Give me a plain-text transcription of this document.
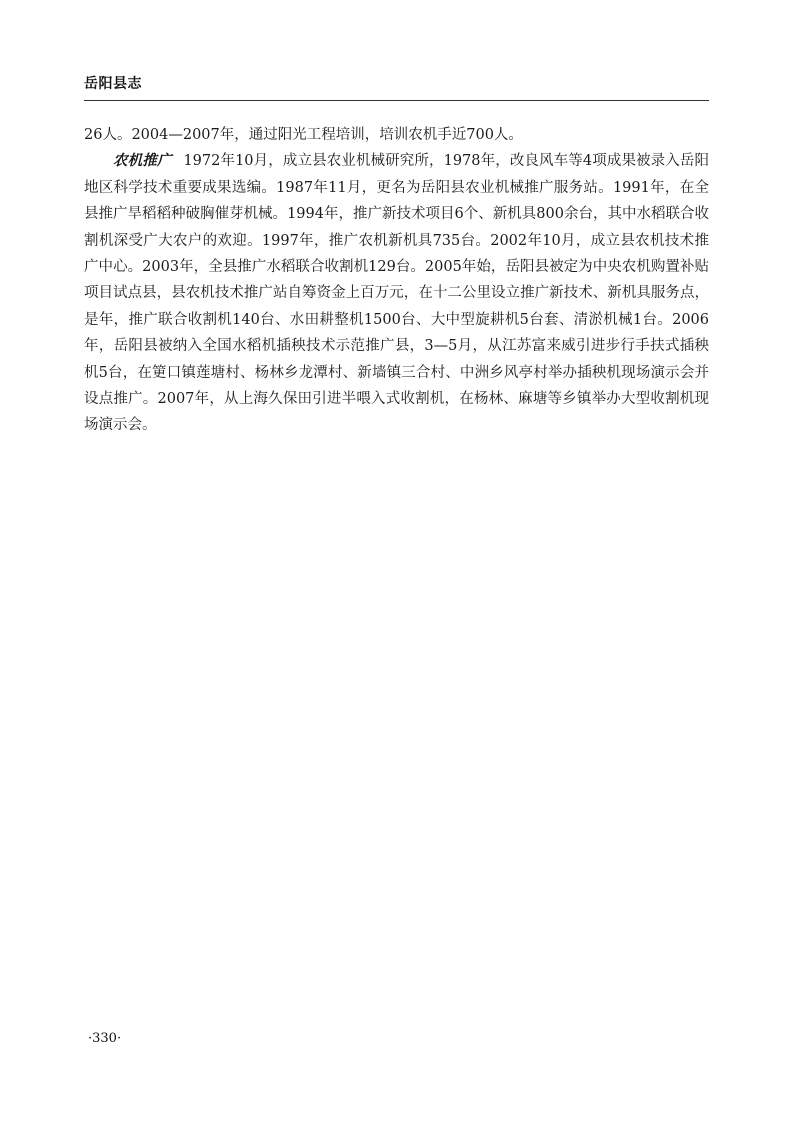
岳阳县志

26人。2004—2007年，通过阳光工程培训，培训农机手近700人。

农机推广 1972年10月，成立县农业机械研究所，1978年，改良风车等4项成果被录入岳阳地区科学技术重要成果选编。1987年11月，更名为岳阳县农业机械推广服务站。1991年，在全县推广旱稻稻种破胸催芽机械。1994年，推广新技术项目6个、新机具800余台，其中水稻联合收割机深受广大农户的欢迎。1997年，推广农机新机具735台。2002年10月，成立县农机技术推广中心。2003年，全县推广水稻联合收割机129台。2005年始，岳阳县被定为中央农机购置补贴项目试点县，县农机技术推广站自筹资金上百万元，在十二公里设立推广新技术、新机具服务点，是年，推广联合收割机140台、水田耕整机1500台、大中型旋耕机5台套、清淤机械1台。2006年，岳阳县被纳入全国水稻机插秧技术示范推广县，3—5月，从江苏富来威引进步行手扶式插秧机5台，在筻口镇莲塘村、杨林乡龙潭村、新墙镇三合村、中洲乡风亭村举办插秧机现场演示会并设点推广。2007年，从上海久保田引进半喂入式收割机，在杨林、麻塘等乡镇举办大型收割机现场演示会。

·330·
